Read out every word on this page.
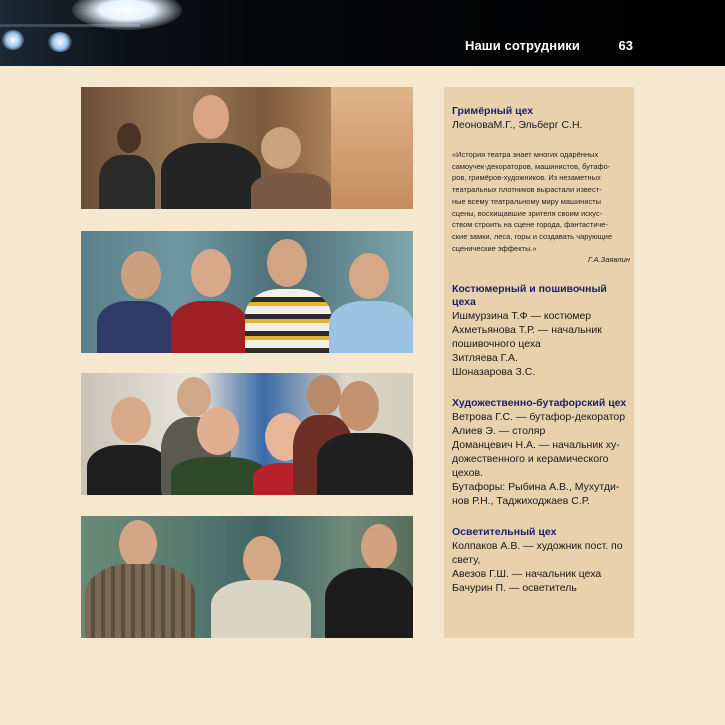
Наши сотрудники	63

Гримёрный цех

ЛеоноваМ.Г., Эльберг С.Н.

«История театра знает многих одарённых

самоучек-декораторов, машинистов, бутафо-

ров, гримёров-художников. Из незаметных

театральных плотников вырастали извест-

ные всему театральному миру машинисты

сцены, восхищавшие зрителя своим искус-

ством строить на сцене города, фантастиче-

ские замки, леса, горы и создавать чарующие

сценические эффекты.»

Г.А.Заявлин

Костюмерный и пошивочный цеха

Ишмурзина Т.Ф — костюмер

Ахметьянова Т.Р. — начальник

пошивочного цеха

Зитляева Г.А.

Шоназарова З.С.

Художественно-бутафорский цех

Ветрова Г.С. — бутафор-декоратор

Алиев Э. — столяр

Доманцевич Н.А. — начальник ху-

дожественного и керамического

цехов.

Бутафоры: Рыбина А.В., Мухутди-

нов Р.Н., Таджиходжаев С.Р.

Осветительный цех

Колпаков А.В. — художник пост. по

свету,

Авезов Г.Ш. — начальник цеха

Бачурин П. — осветитель
